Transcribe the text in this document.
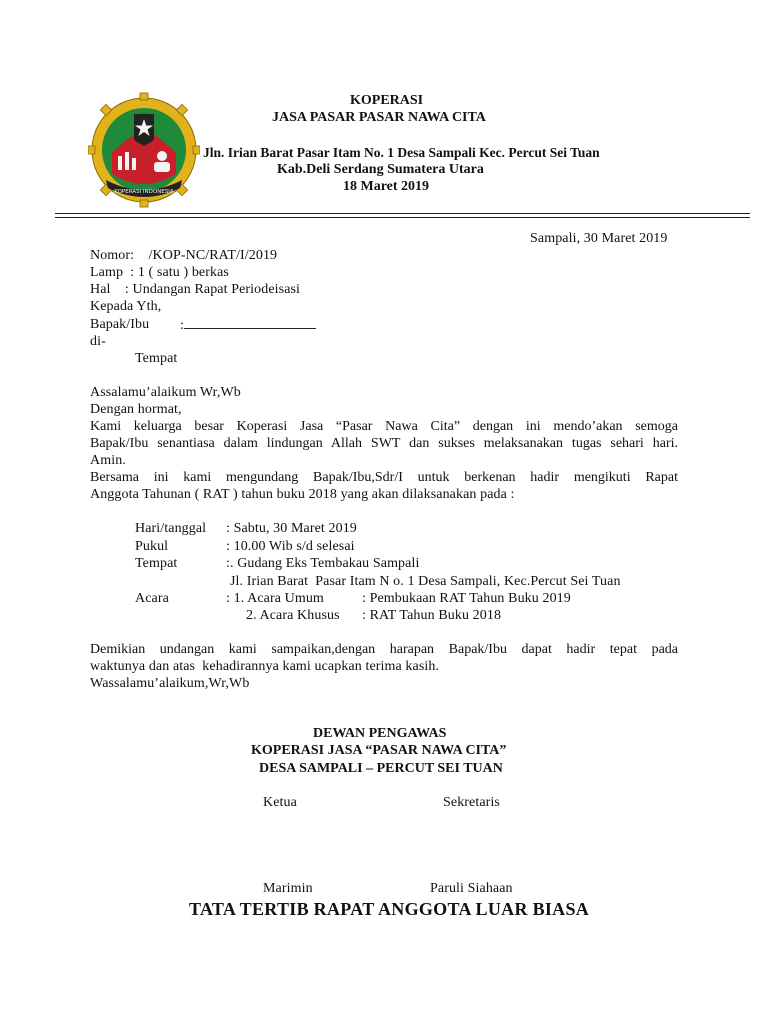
KOPERASI INDONESIA
KOPERASI
JASA PASAR PASAR NAWA CITA
Jln. Irian Barat Pasar Itam No. 1 Desa Sampali Kec. Percut Sei Tuan
Kab.Deli Serdang Sumatera Utara
18 Maret 2019
Sampali, 30 Maret 2019
Nomor:    /KOP-NC/RAT/I/2019
Lamp  : 1 ( satu ) berkas
Hal    : Undangan Rapat Periodeisasi
Kepada Yth,
Bapak/Ibu :
di-
Tempat
Assalamu’alaikum Wr,Wb
Dengan hormat,
Kami keluarga besar Koperasi Jasa “Pasar Nawa Cita” dengan ini mendo’akan semoga
Bapak/Ibu senantiasa dalam lindungan Allah SWT dan sukses melaksanakan tugas sehari hari.
Amin.
Bersama ini kami mengundang Bapak/Ibu,Sdr/I untuk berkenan hadir mengikuti Rapat
Anggota Tahunan ( RAT ) tahun buku 2018 yang akan dilaksanakan pada :
Hari/tanggal : Sabtu, 30 Maret 2019
Pukul	: 10.00 Wib s/d selesai
Tempat	:. Gudang Eks Tembakau Sampali
Jl. Irian Barat  Pasar Itam N o. 1 Desa Sampali, Kec.Percut Sei Tuan
Acara	: 1. Acara Umum	: Pembukaan RAT Tahun Buku 2019
2. Acara Khusus : RAT Tahun Buku 2018
Demikian undangan kami sampaikan,dengan harapan Bapak/Ibu dapat hadir tepat pada
waktunya dan atas  kehadirannya kami ucapkan terima kasih.
Wassalamu’alaikum,Wr,Wb
DEWAN PENGAWAS
KOPERASI JASA “PASAR NAWA CITA”
DESA SAMPALI – PERCUT SEI TUAN
Ketua	Sekretaris
Marimin	Paruli Siahaan
TATA TERTIB RAPAT ANGGOTA LUAR BIASA
